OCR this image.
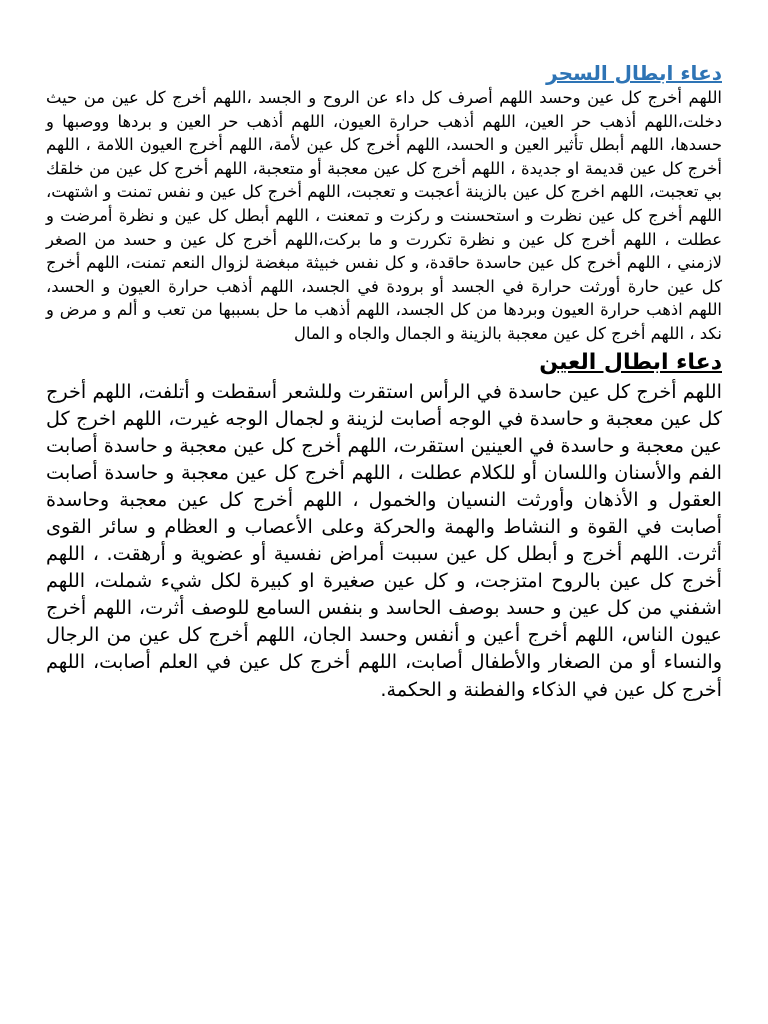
دعاء ابطال السحر

اللهم أخرج كل عين وحسد اللهم أصرف كل داء عن الروح و الجسد ،اللهم أخرج كل عين من حيث دخلت،اللهم أذهب حر العين، اللهم أذهب حرارة العيون، اللهم أذهب حر العين و بردها ووصبها و حسدها، اللهم أبطل تأثير العين و الحسد، اللهم أخرج كل عين لأمة، اللهم أخرج العيون اللامة ، اللهم أخرج كل عين قديمة او جديدة ، اللهم أخرج كل عين معجبة أو متعجبة، اللهم أخرج كل عين من خلقك بي تعجبت، اللهم اخرج كل عين بالزينة أعجبت و تعجبت، اللهم أخرج كل عين و نفس تمنت و اشتهت، اللهم أخرج كل عين نظرت و استحسنت و ركزت و تمعنت ، اللهم أبطل كل عين و نظرة أمرضت و عطلت ، اللهم أخرج كل عين و نظرة تكررت و ما بركت،اللهم أخرج كل عين و حسد من الصغر لازمني ، اللهم أخرج كل عين حاسدة حاقدة، و كل نفس خبيثة مبغضة لزوال النعم تمنت، اللهم أخرج كل عين حارة أورثت حرارة في الجسد أو برودة في الجسد، اللهم أذهب حرارة العيون و الحسد، اللهم اذهب حرارة العيون وبردها من كل الجسد، اللهم أذهب ما حل بسببها من تعب و ألم و مرض و نكد ، اللهم أخرج كل عين معجبة بالزينة و الجمال والجاه و المال

دعاء ابطال العين

اللهم أخرج كل عين حاسدة في الرأس استقرت وللشعر أسقطت و أتلفت، اللهم أخرج كل عين معجبة و حاسدة في الوجه أصابت لزينة و لجمال الوجه غيرت، اللهم اخرج كل عين معجبة و حاسدة في العينين استقرت، اللهم أخرج كل عين معجبة و حاسدة أصابت الفم والأسنان واللسان أو للكلام عطلت ، اللهم أخرج كل عين معجبة و حاسدة أصابت العقول و الأذهان وأورثت النسيان والخمول ، اللهم أخرج كل عين معجبة وحاسدة أصابت في القوة و النشاط والهمة والحركة وعلى الأعصاب و العظام و سائر القوى أثرت. اللهم أخرج و أبطل كل عين سببت أمراض نفسية أو عضوية و أرهقت. ، اللهم أخرج كل عين بالروح امتزجت، و كل عين صغيرة او كبيرة لكل شيء شملت، اللهم اشفني من كل عين و حسد بوصف الحاسد و بنفس السامع للوصف أثرت، اللهم أخرج عيون الناس، اللهم أخرج أعين و أنفس وحسد الجان، اللهم أخرج كل عين من الرجال والنساء أو من الصغار والأطفال أصابت، اللهم أخرج كل عين في العلم أصابت، اللهم أخرج كل عين في الذكاء والفطنة و الحكمة.
